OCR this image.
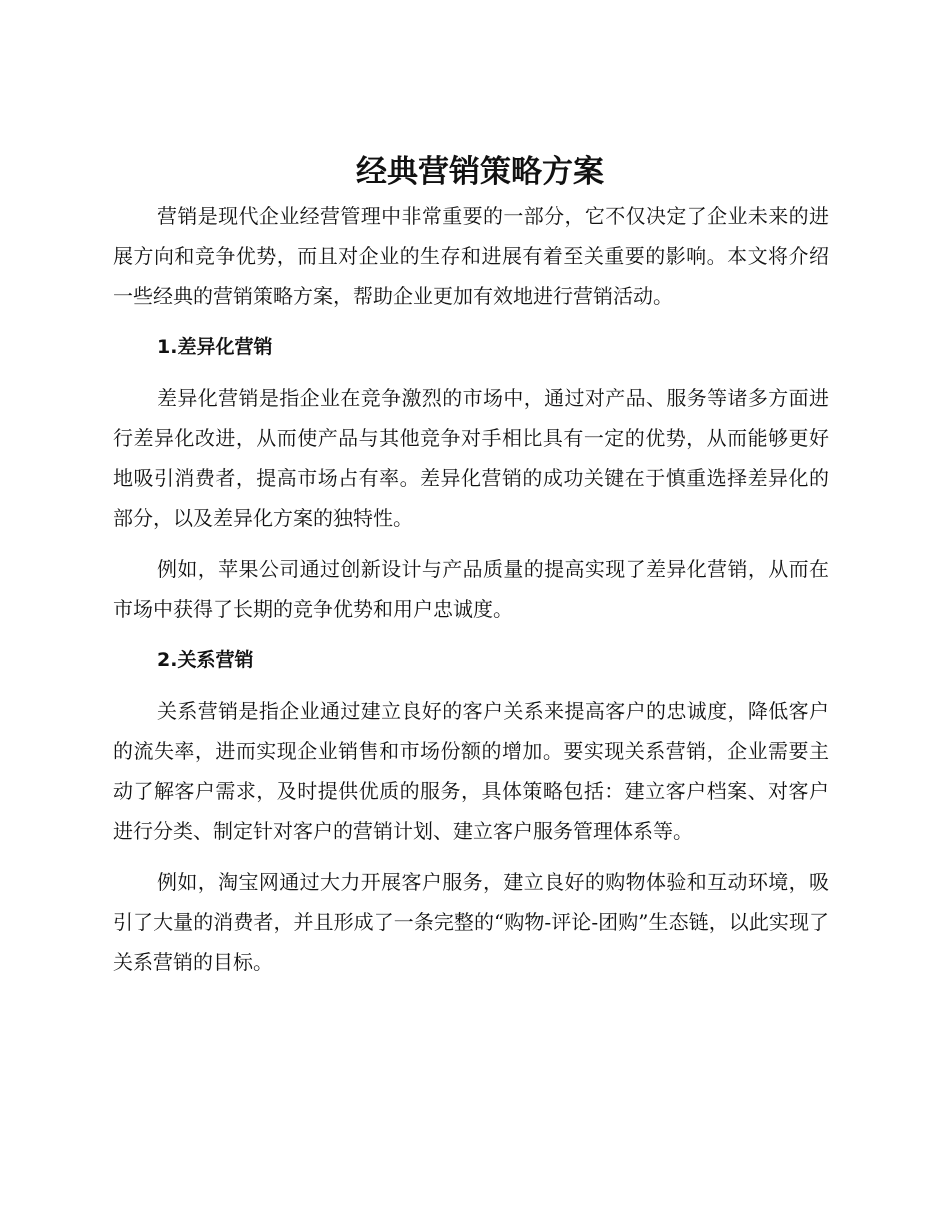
经典营销策略方案

营销是现代企业经营管理中非常重要的一部分，它不仅决定了企业未来的进展方向和竞争优势，而且对企业的生存和进展有着至关重要的影响。本文将介绍一些经典的营销策略方案，帮助企业更加有效地进行营销活动。

1.差异化营销

差异化营销是指企业在竞争激烈的市场中，通过对产品、服务等诸多方面进行差异化改进，从而使产品与其他竞争对手相比具有一定的优势，从而能够更好地吸引消费者，提高市场占有率。差异化营销的成功关键在于慎重选择差异化的部分，以及差异化方案的独特性。

例如，苹果公司通过创新设计与产品质量的提高实现了差异化营销，从而在市场中获得了长期的竞争优势和用户忠诚度。

2.关系营销

关系营销是指企业通过建立良好的客户关系来提高客户的忠诚度，降低客户的流失率，进而实现企业销售和市场份额的增加。要实现关系营销，企业需要主动了解客户需求，及时提供优质的服务，具体策略包括：建立客户档案、对客户进行分类、制定针对客户的营销计划、建立客户服务管理体系等。

例如，淘宝网通过大力开展客户服务，建立良好的购物体验和互动环境，吸引了大量的消费者，并且形成了一条完整的“购物-评论-团购”生态链，以此实现了关系营销的目标。
